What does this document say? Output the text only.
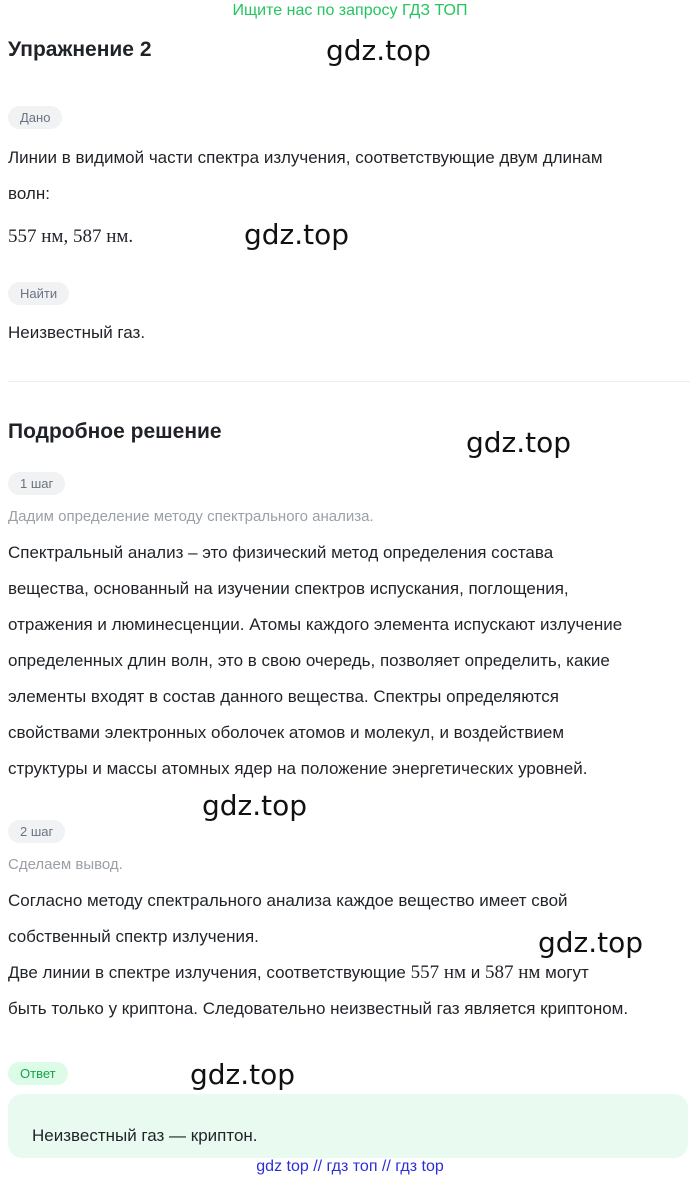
Ищите нас по запросу ГДЗ ТОП
Упражнение 2	gdz.top
Дано
Линии в видимой части спектра излучения, соответствующие двум длинам
волн:
557 нм, 587 нм.	gdz.top
Найти
Неизвестный газ.
Подробное решение	gdz.top
1 шаг
Дадим определение методу спектрального анализа.
Спектральный анализ – это физический метод определения состава
вещества, основанный на изучении спектров испускания, поглощения,
отражения и люминесценции. Атомы каждого элемента испускают излучение
определенных длин волн, это в свою очередь, позволяет определить, какие
элементы входят в состав данного вещества. Спектры определяются
свойствами электронных оболочек атомов и молекул, и воздействием
структуры и массы атомных ядер на положение энергетических уровней.
gdz.top
2 шаг
Сделаем вывод.
Согласно методу спектрального анализа каждое вещество имеет свой
собственный спектр излучения.
Две линии в спектре излучения, соответствующие 557 нм и 587 нм могут
быть только у криптона. Следовательно неизвестный газ является криптоном.
gdz.top
Ответ	gdz.top
Неизвестный газ — криптон.
gdz top // гдз топ // гдз top
